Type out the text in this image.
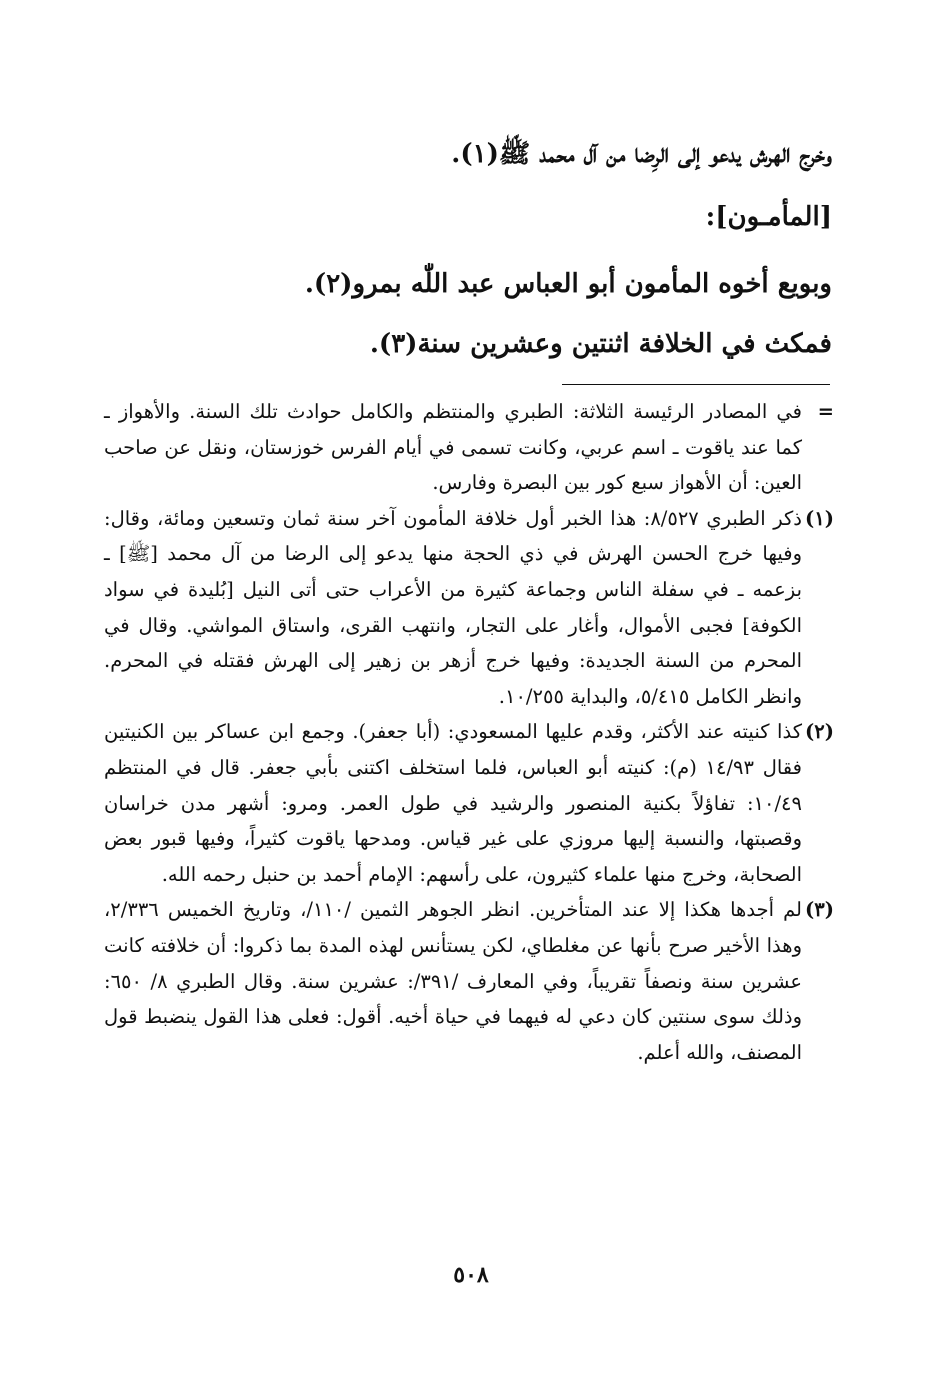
وخرج الهرش يدعو إلى الرِضا من آل محمد ﷺ(١).

[المأمـون]:

وبويع أخوه المأمون أبو العباس عبد اللّٰه بمرو(٢).

فمكث في الخلافة اثنتين وعشرين سنة(٣).

=
في المصادر الرئيسة الثلاثة: الطبري والمنتظم والكامل حوادث تلك السنة. والأهواز ـ كما عند ياقوت ـ اسم عربي، وكانت تسمى في أيام الفرس خوزستان، ونقل عن صاحب العين: أن الأهواز سبع كور بين البصرة وفارس.

(١)
ذكر الطبري ٨/٥٢٧: هذا الخبر أول خلافة المأمون آخر سنة ثمان وتسعين ومائة، وقال: وفيها خرج الحسن الهرش في ذي الحجة منها يدعو إلى الرضا من آل محمد [ﷺ] ـ بزعمه ـ في سفلة الناس وجماعة كثيرة من الأعراب حتى أتى النيل [بُليدة في سواد الكوفة] فجبى الأموال، وأغار على التجار، وانتهب القرى، واستاق المواشي. وقال في المحرم من السنة الجديدة: وفيها خرج أزهر بن زهير إلى الهرش فقتله في المحرم. وانظر الكامل ٥/٤١٥، والبداية ١٠/٢٥٥.

(٢)
كذا كنيته عند الأكثر، وقدم عليها المسعودي: (أبا جعفر). وجمع ابن عساكر بين الكنيتين فقال ١٤/٩٣ (م): كنيته أبو العباس، فلما استخلف اكتنى بأبي جعفر. قال في المنتظم ١٠/٤٩: تفاؤلاً بكنية المنصور والرشيد في طول العمر. ومرو: أشهر مدن خراسان وقصبتها، والنسبة إليها مروزي على غير قياس. ومدحها ياقوت كثيراً، وفيها قبور بعض الصحابة، وخرج منها علماء كثيرون، على رأسهم: الإمام أحمد بن حنبل رحمه الله.

(٣)
لم أجدها هكذا إلا عند المتأخرين. انظر الجوهر الثمين /١١٠/، وتاريخ الخميس ٢/٣٣٦، وهذا الأخير صرح بأنها عن مغلطاي، لكن يستأنس لهذه المدة بما ذكروا: أن خلافته كانت عشرين سنة ونصفاً تقريباً، وفي المعارف /٣٩١/: عشرين سنة. وقال الطبري ٨/ ٦٥٠: وذلك سوى سنتين كان دعي له فيهما في حياة أخيه. أقول: فعلى هذا القول ينضبط قول المصنف، والله أعلم.

٥٠٨
